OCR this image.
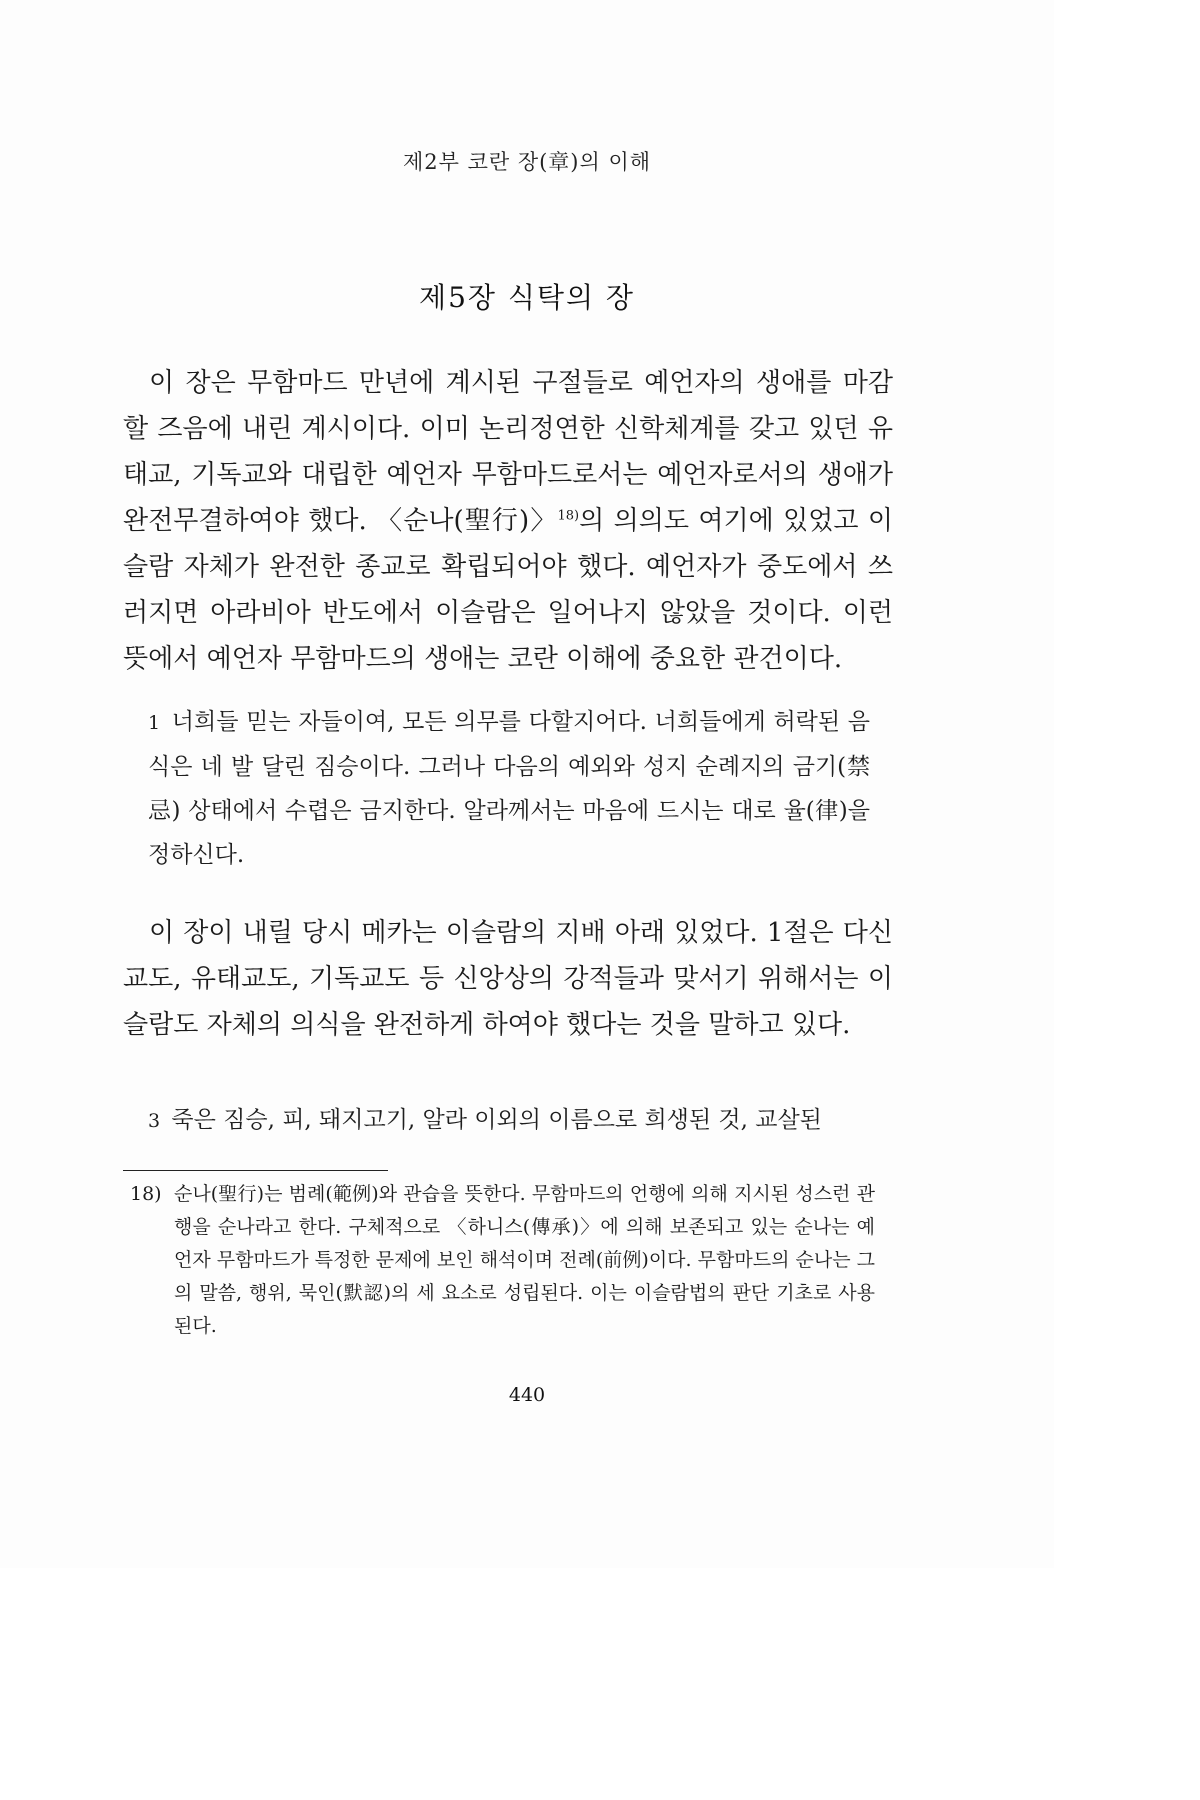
제2부 코란 장(章)의 이해
제5장 식탁의 장

이 장은 무함마드 만년에 계시된 구절들로 예언자의 생애를 마감할 즈음에 내린 계시이다. 이미 논리정연한 신학체계를 갖고 있던 유태교, 기독교와 대립한 예언자 무함마드로서는 예언자로서의 생애가 완전무결하여야 했다. 〈순나(聖行)〉$^{18)}$의 의의도 여기에 있었고 이슬람 자체가 완전한 종교로 확립되어야 했다. 예언자가 중도에서 쓰러지면 아라비아 반도에서 이슬람은 일어나지 않았을 것이다. 이런 뜻에서 예언자 무함마드의 생애는 코란 이해에 중요한 관건이다.

1 너희들 믿는 자들이여, 모든 의무를 다할지어다. 너희들에게 허락된 음식은 네 발 달린 짐승이다. 그러나 다음의 예외와 성지 순례지의 금기(禁忌) 상태에서 수렵은 금지한다. 알라께서는 마음에 드시는 대로 율(律)을 정하신다.

이 장이 내릴 당시 메카는 이슬람의 지배 아래 있었다. 1절은 다신교도, 유태교도, 기독교도 등 신앙상의 강적들과 맞서기 위해서는 이슬람도 자체의 의식을 완전하게 하여야 했다는 것을 말하고 있다.

3 죽은 짐승, 피, 돼지고기, 알라 이외의 이름으로 희생된 것, 교살된

18) 순나(聖行)는 범례(範例)와 관습을 뜻한다. 무함마드의 언행에 의해 지시된 성스런 관행을 순나라고 한다. 구체적으로 〈하니스(傳承)〉에 의해 보존되고 있는 순나는 예언자 무함마드가 특정한 문제에 보인 해석이며 전례(前例)이다. 무함마드의 순나는 그의 말씀, 행위, 묵인(默認)의 세 요소로 성립된다. 이는 이슬람법의 판단 기초로 사용된다.
440
